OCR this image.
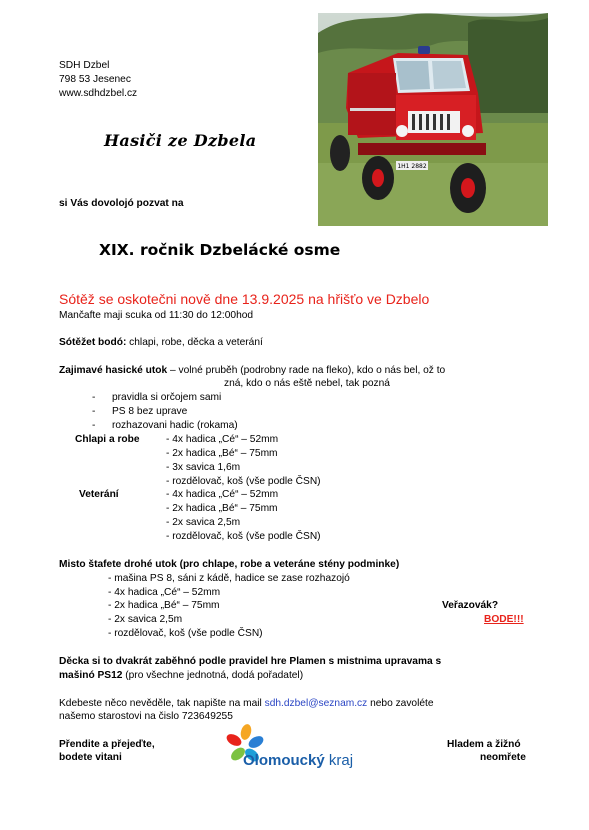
SDH Dzbel
798 53 Jesenec
www.sdhdzbel.cz
1H1 2882
Hasiči ze Dzbela
si Vás dovolojó pozvat na
XIX. ročnik Dzbelácké osme
Sótěž se oskotečni nově dne 13.9.2025 na hřišťo ve Dzbelo
Mančafte maji scuka od 11:30 do 12:00hod
Sótěžet bodó: chlapi, robe, děcka a veterání
Zajimavé hasické utok – volné pruběh (podrobny rade na fleko), kdo o nás bel, ož to
zná, kdo o nás eště nebel, tak pozná
- pravidla si orčojem sami
- PS 8 bez uprave
- rozhazovani hadic (rokama)
Chlapi a robe	- 4x hadica „Cé“ – 52mm
- 2x hadica „Bé“ – 75mm
- 3x savica 1,6m
- rozdělovač, koš (vše podle ČSN)
Veterání	- 4x hadica „Cé“ – 52mm
- 2x hadica „Bé“ – 75mm
- 2x savica 2,5m
- rozdělovač, koš (vše podle ČSN)
Misto štafete drohé utok (pro chlape, robe a veteráne stény podminke)
- mašina PS 8, sáni z kádě, hadice se zase rozhazojó
- 4x hadica „Cé“ – 52mm
- 2x hadica „Bé“ – 75mm
- 2x savica 2,5m
- rozdělovač, koš (vše podle ČSN)
Veřazovák?
BODE!!!
Děcka si to dvakrát zaběhnó podle pravidel hre Plamen s mistnima upravama s
mašinó PS12 (pro všechne jednotná, dodá pořadatel)
Kdebeste něco nevěděle, tak napište na mail sdh.dzbel@seznam.cz nebo zavoléte
našemo starostovi na čislo 723649255
Přendite a přejeďte,
bodete vitani	Olomoucký kraj
Hladem a žižnó
neomřete
